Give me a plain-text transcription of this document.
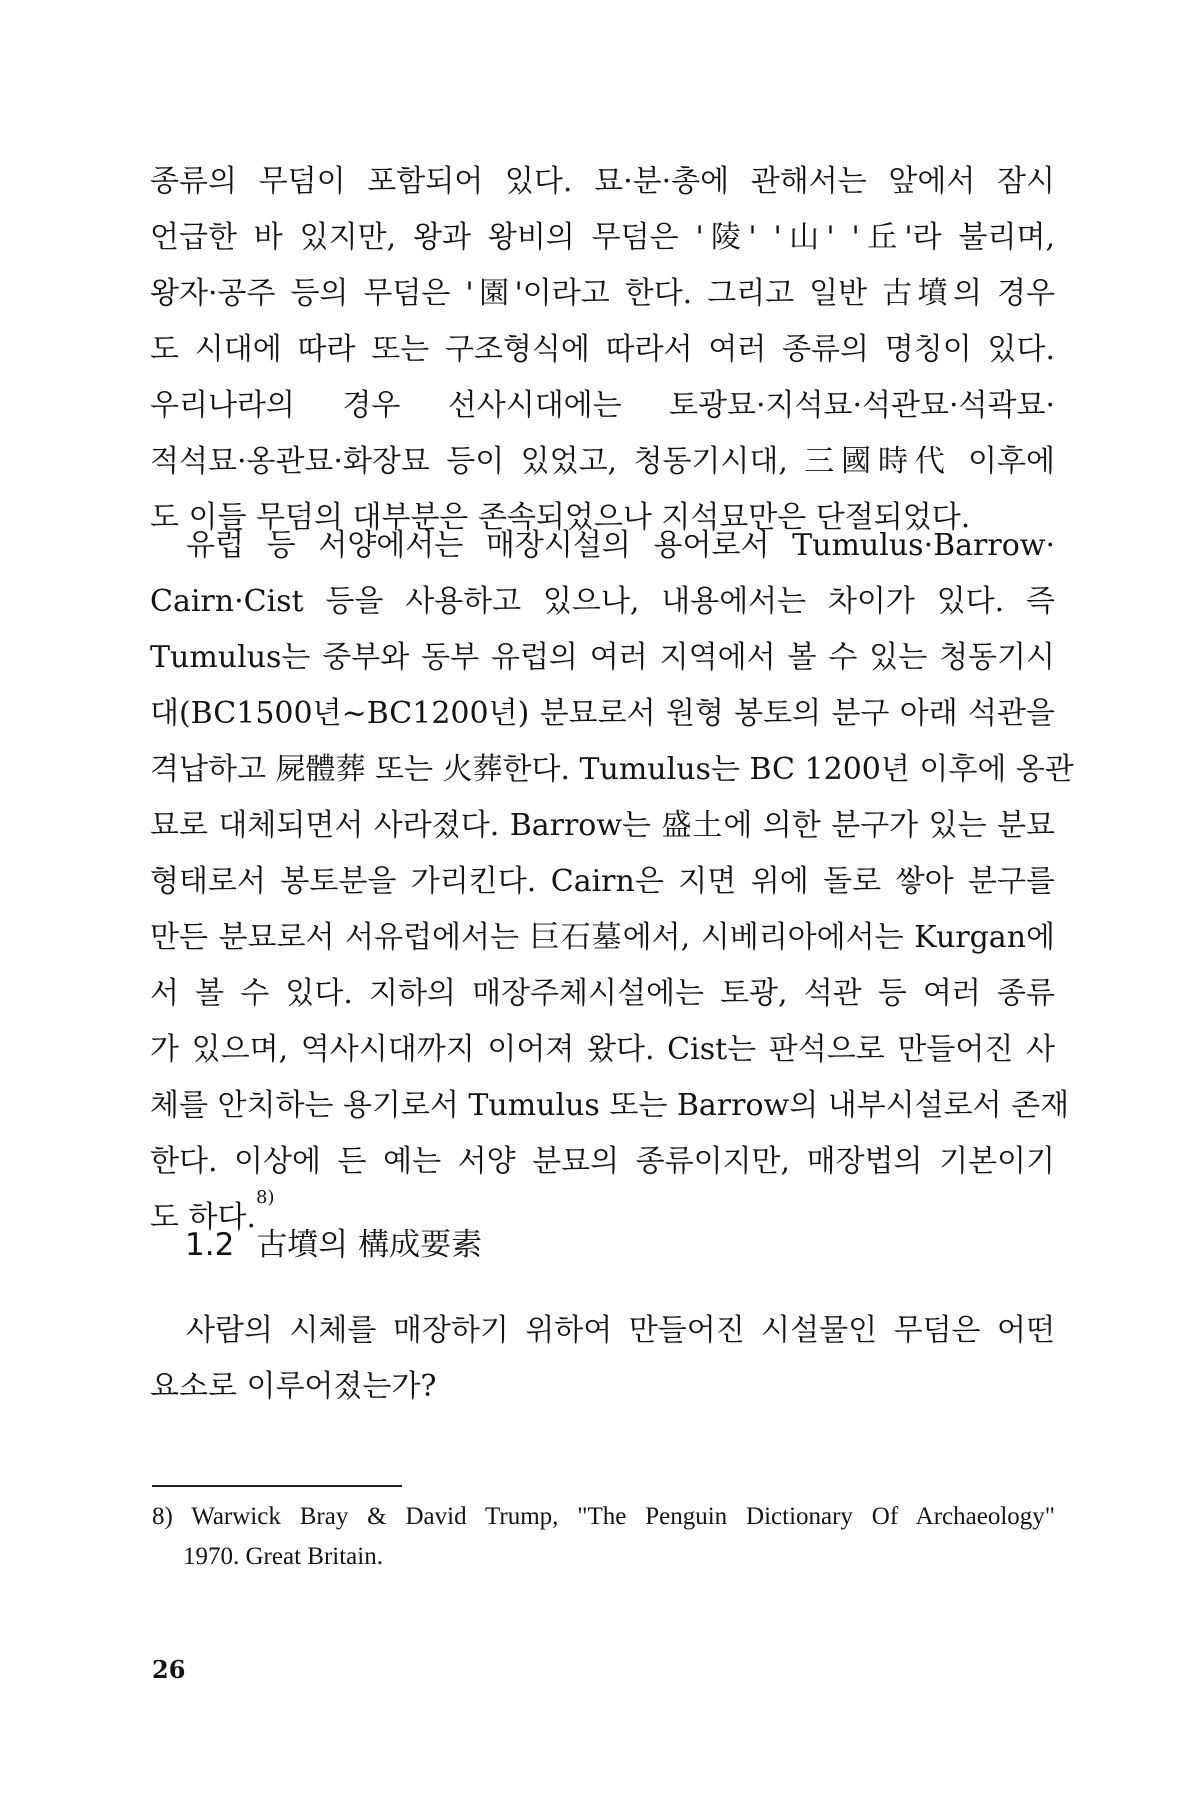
종류의 무덤이 포함되어 있다. 묘·분·총에 관해서는 앞에서 잠시
언급한 바 있지만, 왕과 왕비의 무덤은 '陵' '山' '丘'라 불리며,
왕자·공주 등의 무덤은 '園'이라고 한다. 그리고 일반 古墳의 경우
도 시대에 따라 또는 구조형식에 따라서 여러 종류의 명칭이 있다.
우리나라의 경우 선사시대에는 토광묘·지석묘·석관묘·석곽묘·
적석묘·옹관묘·화장묘 등이 있었고, 청동기시대, 三國時代 이후에
도 이들 무덤의 대부분은 존속되었으나 지석묘만은 단절되었다.
유럽 등 서양에서는 매장시설의 용어로서 Tumulus·Barrow·
Cairn·Cist 등을 사용하고 있으나, 내용에서는 차이가 있다. 즉
Tumulus는 중부와 동부 유럽의 여러 지역에서 볼 수 있는 청동기시
대(BC1500년~BC1200년) 분묘로서 원형 봉토의 분구 아래 석관을
격납하고 屍體葬 또는 火葬한다. Tumulus는 BC 1200년 이후에 옹관
묘로 대체되면서 사라졌다. Barrow는 盛土에 의한 분구가 있는 분묘
형태로서 봉토분을 가리킨다. Cairn은 지면 위에 돌로 쌓아 분구를
만든 분묘로서 서유럽에서는 巨石墓에서, 시베리아에서는 Kurgan에
서 볼 수 있다. 지하의 매장주체시설에는 토광, 석관 등 여러 종류
가 있으며, 역사시대까지 이어져 왔다. Cist는 판석으로 만들어진 사
체를 안치하는 용기로서 Tumulus 또는 Barrow의 내부시설로서 존재
한다. 이상에 든 예는 서양 분묘의 종류이지만, 매장법의 기본이기
도 하다.$^{8)}$
1.2 古墳의 構成要素
사람의 시체를 매장하기 위하여 만들어진 시설물인 무덤은 어떤
요소로 이루어졌는가?
8) Warwick Bray & David Trump, "The Penguin Dictionary Of Archaeology"
1970. Great Britain.
26
